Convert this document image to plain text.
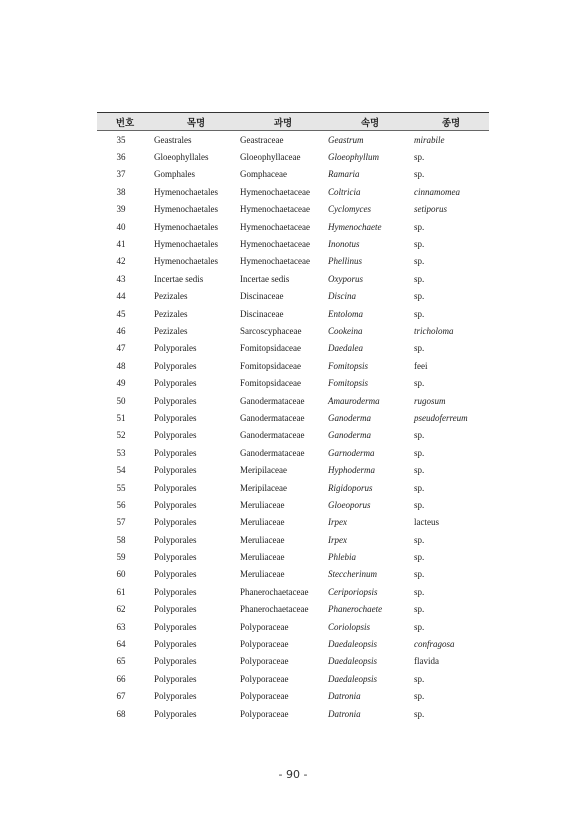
번호	목명	과명	속명	종명
35	Geastrales	Geastraceae	Geastrum	mirabile
36	Gloeophyllales	Gloeophyllaceae	Gloeophyllum	sp.
37	Gomphales	Gomphaceae	Ramaria	sp.
38	Hymenochaetales	Hymenochaetaceae	Coltricia	cinnamomea
39	Hymenochaetales	Hymenochaetaceae	Cyclomyces	setiporus
40	Hymenochaetales	Hymenochaetaceae	Hymenochaete	sp.
41	Hymenochaetales	Hymenochaetaceae	Inonotus	sp.
42	Hymenochaetales	Hymenochaetaceae	Phellinus	sp.
43	Incertae sedis	Incertae sedis	Oxyporus	sp.
44	Pezizales	Discinaceae	Discina	sp.
45	Pezizales	Discinaceae	Entoloma	sp.
46	Pezizales	Sarcoscyphaceae	Cookeina	tricholoma
47	Polyporales	Fomitopsidaceae	Daedalea	sp.
48	Polyporales	Fomitopsidaceae	Fomitopsis	feei
49	Polyporales	Fomitopsidaceae	Fomitopsis	sp.
50	Polyporales	Ganodermataceae	Amauroderma	rugosum
51	Polyporales	Ganodermataceae	Ganoderma	pseudoferreum
52	Polyporales	Ganodermataceae	Ganoderma	sp.
53	Polyporales	Ganodermataceae	Garnoderma	sp.
54	Polyporales	Meripilaceae	Hyphoderma	sp.
55	Polyporales	Meripilaceae	Rigidoporus	sp.
56	Polyporales	Meruliaceae	Gloeoporus	sp.
57	Polyporales	Meruliaceae	Irpex	lacteus
58	Polyporales	Meruliaceae	Irpex	sp.
59	Polyporales	Meruliaceae	Phlebia	sp.
60	Polyporales	Meruliaceae	Steccherinum	sp.
61	Polyporales	Phanerochaetaceae	Ceriporiopsis	sp.
62	Polyporales	Phanerochaetaceae	Phanerochaete	sp.
63	Polyporales	Polyporaceae	Coriolopsis	sp.
64	Polyporales	Polyporaceae	Daedaleopsis	confragosa
65	Polyporales	Polyporaceae	Daedaleopsis	flavida
66	Polyporales	Polyporaceae	Daedaleopsis	sp.
67	Polyporales	Polyporaceae	Datronia	sp.
68	Polyporales	Polyporaceae	Datronia	sp.
- 90 -
